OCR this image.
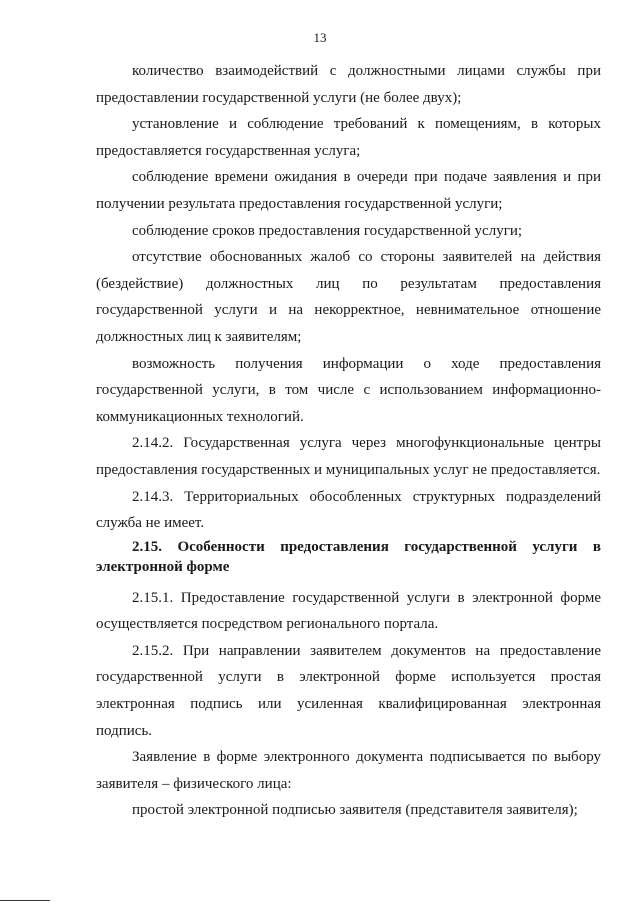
13

количество взаимодействий с должностными лицами службы при предоставлении государственной услуги (не более двух);

установление и соблюдение требований к помещениям, в которых предоставляется государственная услуга;

соблюдение времени ожидания в очереди при подаче заявления и при получении результата предоставления государственной услуги;

соблюдение сроков предоставления государственной услуги;

отсутствие обоснованных жалоб со стороны заявителей на действия (бездействие) должностных лиц по результатам предоставления государственной услуги и на некорректное, невнимательное отношение должностных лиц к заявителям;

возможность получения информации о ходе предоставления государственной услуги, в том числе с использованием информационно-коммуникационных технологий.

2.14.2. Государственная услуга через многофункциональные центры предоставления государственных и муниципальных услуг не предоставляется.

2.14.3. Территориальных обособленных структурных подразделений служба не имеет.

2.15. Особенности предоставления государственной услуги в электронной форме

2.15.1. Предоставление государственной услуги в электронной форме осуществляется посредством регионального портала.

2.15.2. При направлении заявителем документов на предоставление государственной услуги в электронной форме используется простая электронная подпись или усиленная квалифицированная электронная подпись.

Заявление в форме электронного документа подписывается по выбору заявителя – физического лица:

простой электронной подписью заявителя (представителя заявителя);
